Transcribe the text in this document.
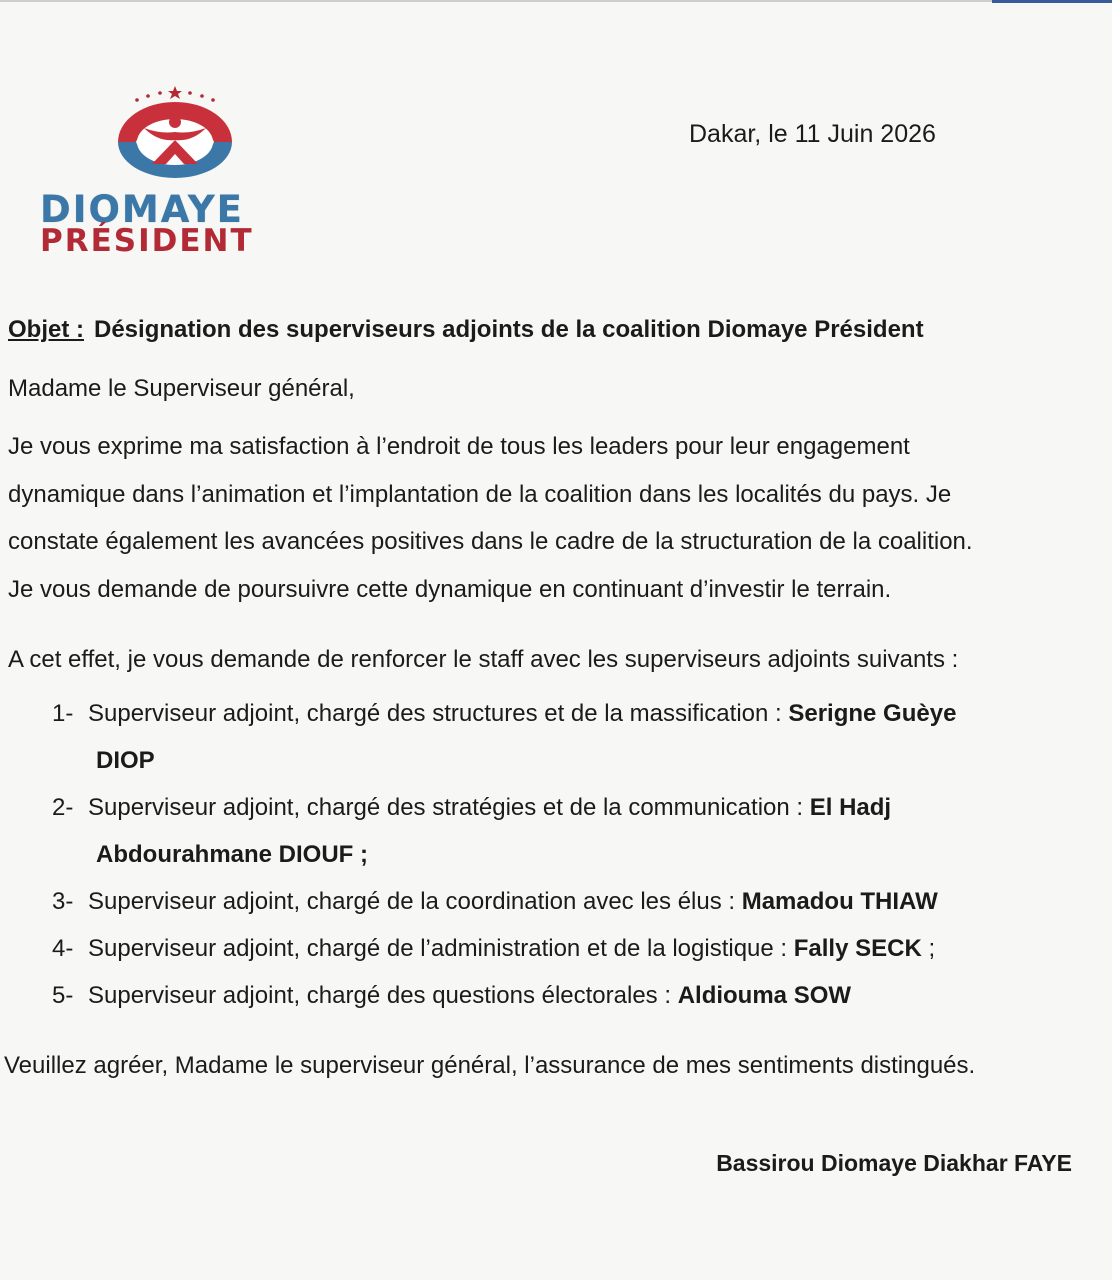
DIOMAYE
PRÉSIDENT
Dakar, le 11 Juin 2026
Objet : Désignation des superviseurs adjoints de la coalition Diomaye Président
Madame le Superviseur général,
Je vous exprime ma satisfaction à l’endroit de tous les leaders pour leur engagement
dynamique dans l’animation et l’implantation de la coalition dans les localités du pays. Je
constate également les avancées positives dans le cadre de la structuration de la coalition.
Je vous demande de poursuivre cette dynamique en continuant d’investir le terrain.
A cet effet, je vous demande de renforcer le staff avec les superviseurs adjoints suivants :
1- Superviseur adjoint, chargé des structures et de la massification : Serigne Guèye
DIOP
2- Superviseur adjoint, chargé des stratégies et de la communication : El Hadj
Abdourahmane DIOUF ;
3- Superviseur adjoint, chargé de la coordination avec les élus : Mamadou THIAW
4- Superviseur adjoint, chargé de l’administration et de la logistique : Fally SECK ;
5- Superviseur adjoint, chargé des questions électorales : Aldiouma SOW
Veuillez agréer, Madame le superviseur général, l’assurance de mes sentiments distingués.
Bassirou Diomaye Diakhar FAYE
